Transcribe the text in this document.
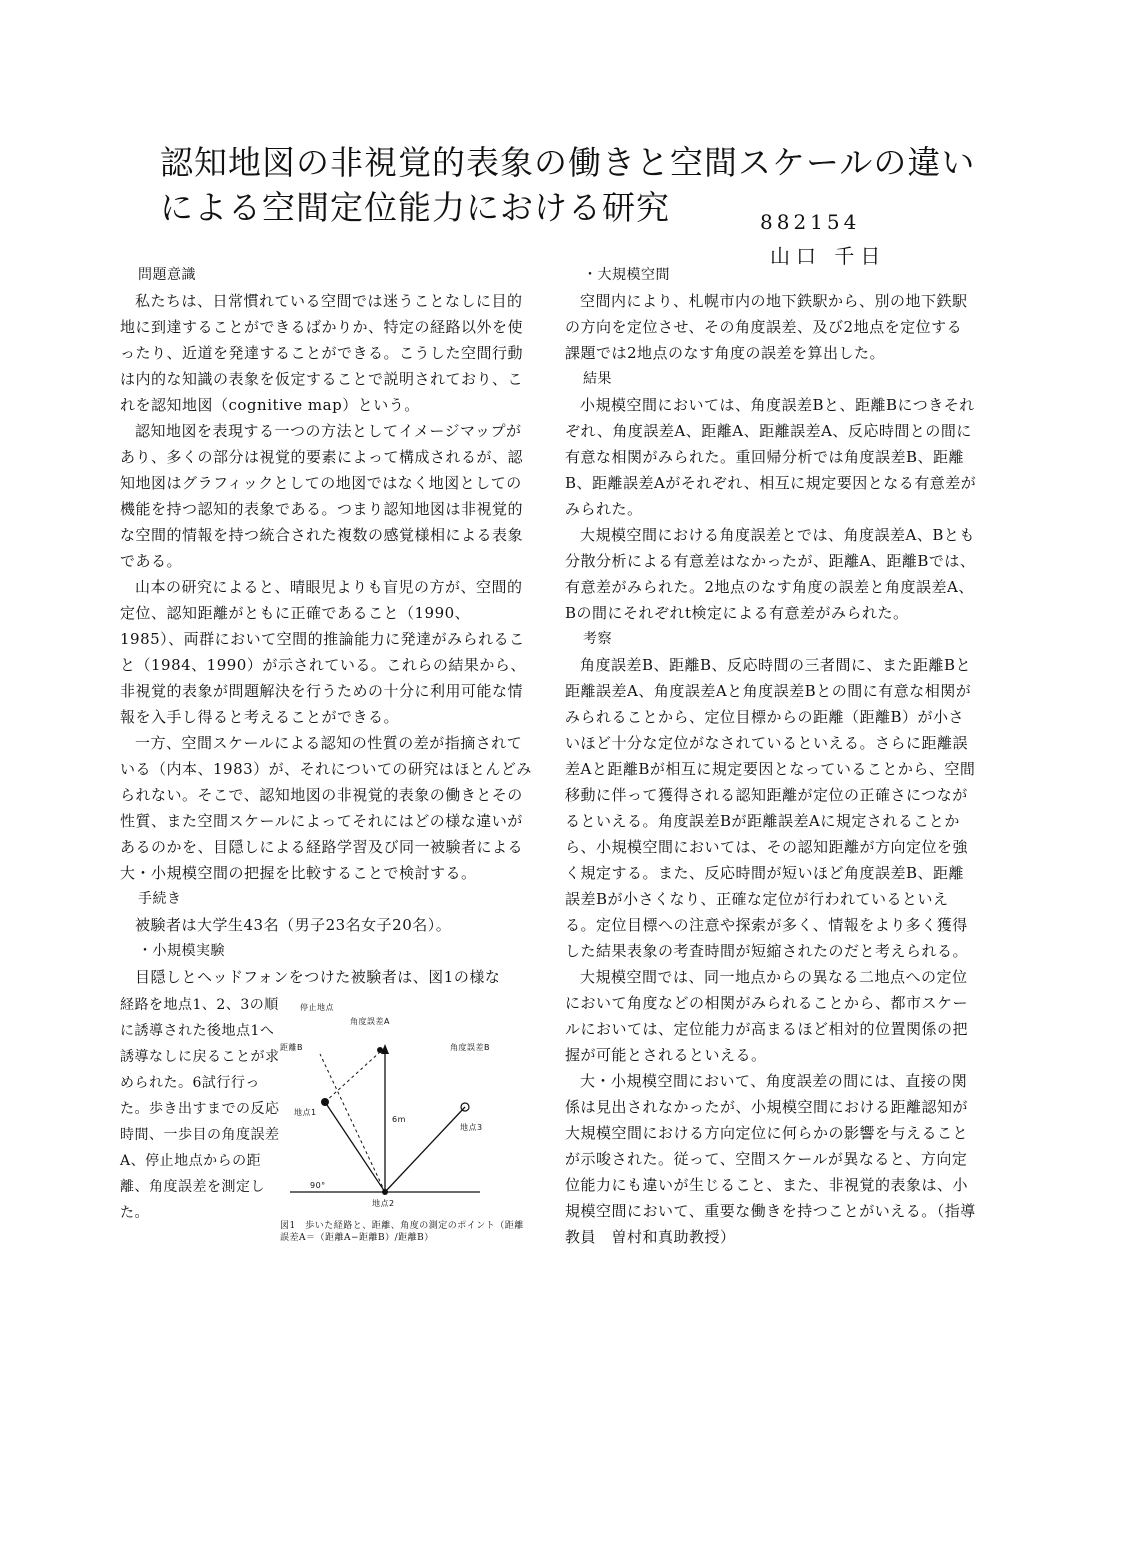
認知地図の非視覚的表象の働きと空間スケールの違いによる空間定位能力における研究	882154
山口 千日

問題意識

私たちは、日常慣れている空間では迷うことなしに目的地に到達することができるばかりか、特定の経路以外を使ったり、近道を発達することができる。こうした空間行動は内的な知識の表象を仮定することで説明されており、これを認知地図（cognitive map）という。

認知地図を表現する一つの方法としてイメージマップがあり、多くの部分は視覚的要素によって構成されるが、認知地図はグラフィックとしての地図ではなく地図としての機能を持つ認知的表象である。つまり認知地図は非視覚的な空間的情報を持つ統合された複数の感覚様相による表象である。

山本の研究によると、晴眼児よりも盲児の方が、空間的定位、認知距離がともに正確であること（1990、1985）、両群において空間的推論能力に発達がみられること（1984、1990）が示されている。これらの結果から、非視覚的表象が問題解決を行うための十分に利用可能な情報を入手し得ると考えることができる。

一方、空間スケールによる認知の性質の差が指摘されている（内本、1983）が、それについての研究はほとんどみられない。そこで、認知地図の非視覚的表象の働きとその性質、また空間スケールによってそれにはどの様な違いがあるのかを、目隠しによる経路学習及び同一被験者による大・小規模空間の把握を比較することで検討する。

手続き

被験者は大学生43名（男子23名女子20名）。

・小規模実験

目隠しとヘッドフォンをつけた被験者は、図1の様な

経路を地点1、2、3の順に誘導された後地点1へ誘導なしに戻ることが求められた。6試行行った。歩き出すまでの反応時間、一歩目の角度誤差A、停止地点からの距離、角度誤差を測定した。

停止地点
角度誤差A
距離B	角度誤差B
地点1
地点2
地点3
6m
90°

図1　歩いた経路と、距離、角度の測定のポイント（距離誤差A＝（距離A−距離B）/距離B）

・大規模空間

空間内により、札幌市内の地下鉄駅から、別の地下鉄駅の方向を定位させ、その角度誤差、及び2地点を定位する課題では2地点のなす角度の誤差を算出した。

結果

小規模空間においては、角度誤差Bと、距離Bにつきそれぞれ、角度誤差A、距離A、距離誤差A、反応時間との間に有意な相関がみられた。重回帰分析では角度誤差B、距離B、距離誤差Aがそれぞれ、相互に規定要因となる有意差がみられた。

大規模空間における角度誤差とでは、角度誤差A、Bとも分散分析による有意差はなかったが、距離A、距離Bでは、有意差がみられた。2地点のなす角度の誤差と角度誤差A、Bの間にそれぞれt検定による有意差がみられた。

考察

角度誤差B、距離B、反応時間の三者間に、また距離Bと距離誤差A、角度誤差Aと角度誤差Bとの間に有意な相関がみられることから、定位目標からの距離（距離B）が小さいほど十分な定位がなされているといえる。さらに距離誤差Aと距離Bが相互に規定要因となっていることから、空間移動に伴って獲得される認知距離が定位の正確さにつながるといえる。角度誤差Bが距離誤差Aに規定されることから、小規模空間においては、その認知距離が方向定位を強く規定する。また、反応時間が短いほど角度誤差B、距離誤差Bが小さくなり、正確な定位が行われているといえる。定位目標への注意や探索が多く、情報をより多く獲得した結果表象の考査時間が短縮されたのだと考えられる。

大規模空間では、同一地点からの異なる二地点への定位において角度などの相関がみられることから、都市スケールにおいては、定位能力が高まるほど相対的位置関係の把握が可能とされるといえる。

大・小規模空間において、角度誤差の間には、直接の関係は見出されなかったが、小規模空間における距離認知が大規模空間における方向定位に何らかの影響を与えることが示唆された。従って、空間スケールが異なると、方向定位能力にも違いが生じること、また、非視覚的表象は、小規模空間において、重要な働きを持つことがいえる。（指導教員　曽村和真助教授）
